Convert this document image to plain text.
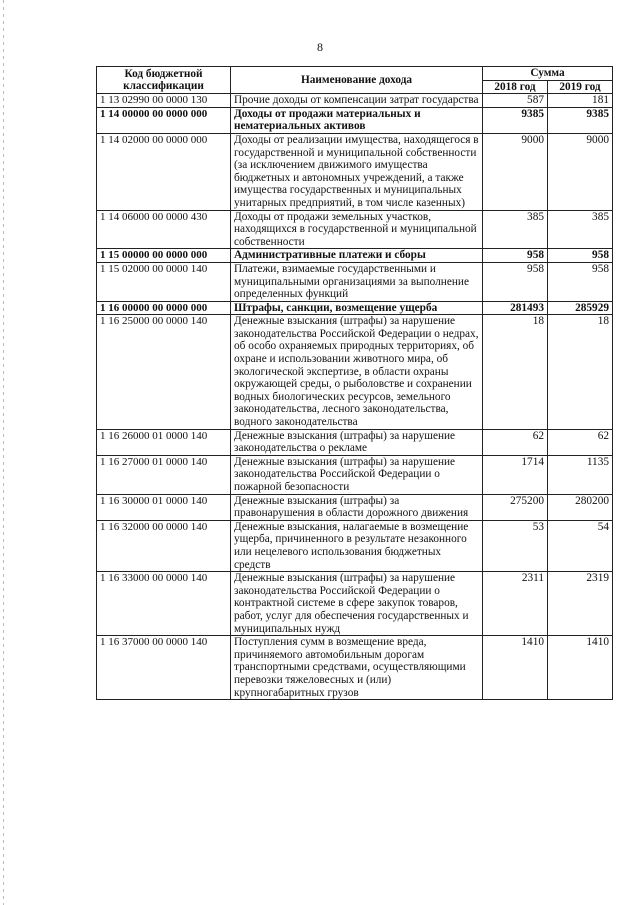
8
Код бюджетной классификации	Наименование дохода	Сумма	
		2018 год	2019 год
1 13 02990 00 0000 130	Прочие доходы от компенсации затрат государства	587	181
1 14 00000 00 0000 000	Доходы от продажи материальных и нематериальных активов	9385	9385
1 14 02000 00 0000 000	Доходы от реализации имущества, находящегося в государственной и муниципальной собственности (за исключением движимого имущества бюджетных и автономных учреждений, а также имущества государственных и муниципальных унитарных предприятий, в том числе казенных)	9000	9000
1 14 06000 00 0000 430	Доходы от продажи земельных участков, находящихся в государственной и муниципальной собственности	385	385
1 15 00000 00 0000 000	Административные платежи и сборы	958	958
1 15 02000 00 0000 140	Платежи, взимаемые государственными и муниципальными организациями за выполнение определенных функций	958	958
1 16 00000 00 0000 000	Штрафы, санкции, возмещение ущерба	281493	285929
1 16 25000 00 0000 140	Денежные взыскания (штрафы) за нарушение законодательства Российской Федерации о недрах, об особо охраняемых природных территориях, об охране и использовании животного мира, об экологической экспертизе, в области охраны окружающей среды, о рыболовстве и сохранении водных биологических ресурсов, земельного законодательства, лесного законодательства, водного законодательства	18	18
1 16 26000 01 0000 140	Денежные взыскания (штрафы) за нарушение законодательства о рекламе	62	62
1 16 27000 01 0000 140	Денежные взыскания (штрафы) за нарушение законодательства Российской Федерации о пожарной безопасности	1714	1135
1 16 30000 01 0000 140	Денежные взыскания (штрафы) за правонарушения в области дорожного движения	275200	280200
1 16 32000 00 0000 140	Денежные взыскания, налагаемые в возмещение ущерба, причиненного в результате незаконного или нецелевого использования бюджетных средств	53	54
1 16 33000 00 0000 140	Денежные взыскания (штрафы) за нарушение законодательства Российской Федерации о контрактной системе в сфере закупок товаров, работ, услуг для обеспечения государственных и муниципальных нужд	2311	2319
1 16 37000 00 0000 140	Поступления сумм в возмещение вреда, причиняемого автомобильным дорогам транспортными средствами, осуществляющими перевозки тяжеловесных и (или) крупногабаритных грузов	1410	1410
